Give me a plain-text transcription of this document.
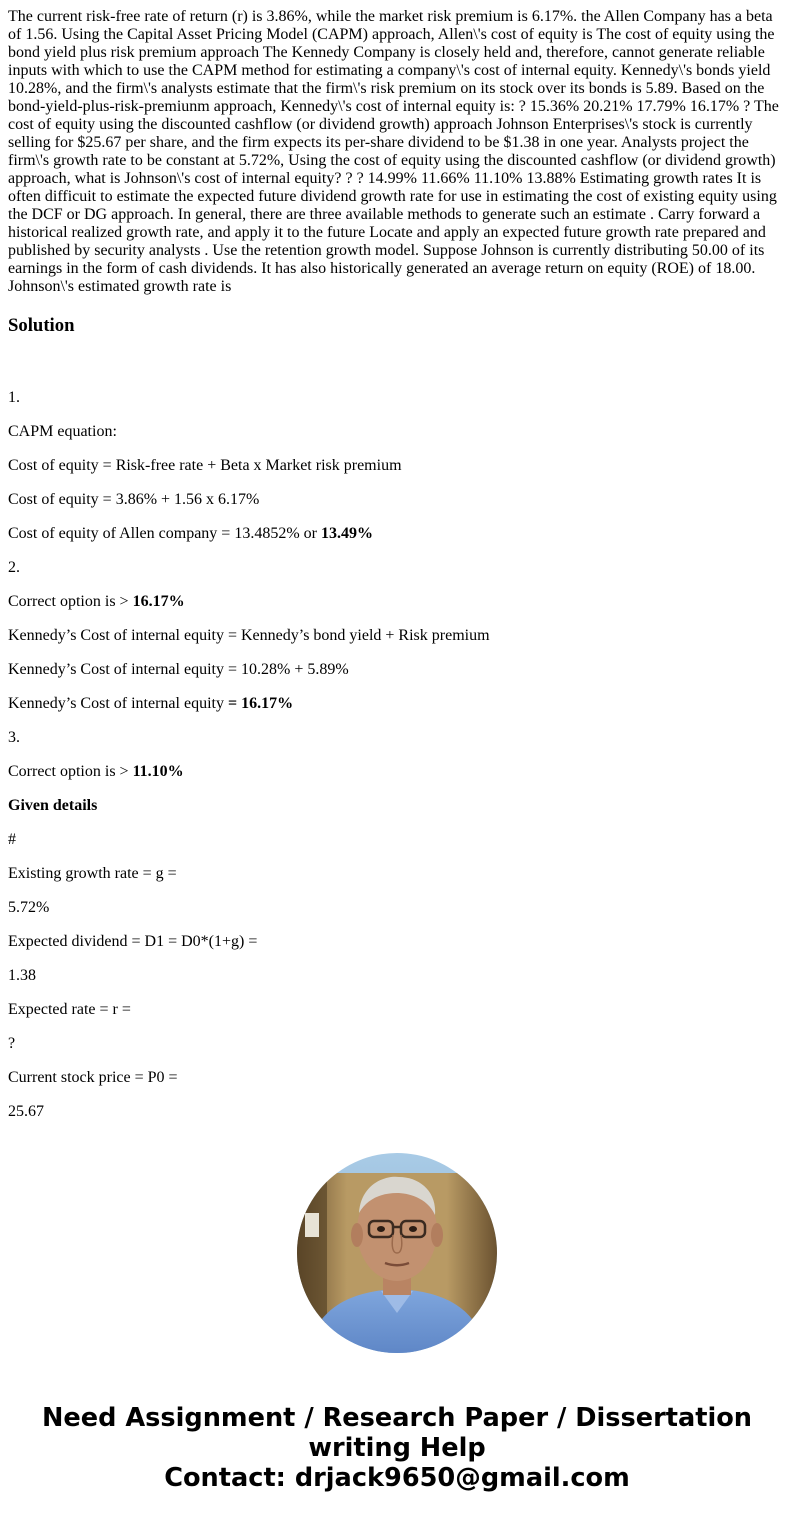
The current risk-free rate of return (r) is 3.86%, while the market risk premium is 6.17%. the Allen Company has a beta of 1.56. Using the Capital Asset Pricing Model (CAPM) approach, Allen\'s cost of equity is The cost of equity using the bond yield plus risk premium approach The Kennedy Company is closely held and, therefore, cannot generate reliable inputs with which to use the CAPM method for estimating a company\'s cost of internal equity. Kennedy\'s bonds yield 10.28%, and the firm\'s analysts estimate that the firm\'s risk premium on its stock over its bonds is 5.89. Based on the bond-yield-plus-risk-premiunm approach, Kennedy\'s cost of internal equity is: ? 15.36% 20.21% 17.79% 16.17% ? The cost of equity using the discounted cashflow (or dividend growth) approach Johnson Enterprises\'s stock is currently selling for $25.67 per share, and the firm expects its per-share dividend to be $1.38 in one year. Analysts project the firm\'s growth rate to be constant at 5.72%, Using the cost of equity using the discounted cashflow (or dividend growth) approach, what is Johnson\'s cost of internal equity? ? ? 14.99% 11.66% 11.10% 13.88% Estimating growth rates It is often difficuit to estimate the expected future dividend growth rate for use in estimating the cost of existing equity using the DCF or DG approach. In general, there are three available methods to generate such an estimate . Carry forward a historical realized growth rate, and apply it to the future Locate and apply an expected future growth rate prepared and published by security analysts . Use the retention growth model. Suppose Johnson is currently distributing 50.00 of its earnings in the form of cash dividends. It has also historically generated an average return on equity (ROE) of 18.00. Johnson\'s estimated growth rate is

Solution

1.

CAPM equation:

Cost of equity = Risk-free rate + Beta x Market risk premium

Cost of equity = 3.86% + 1.56 x 6.17%

Cost of equity of Allen company = 13.4852% or 13.49%

2.

Correct option is > 16.17%

Kennedy’s Cost of internal equity = Kennedy’s bond yield + Risk premium

Kennedy’s Cost of internal equity = 10.28% + 5.89%

Kennedy’s Cost of internal equity = 16.17%

3.

Correct option is > 11.10%

Given details

#

Existing growth rate = g =

5.72%

Expected dividend = D1 = D0*(1+g) =

1.38

Expected rate = r =

?

Current stock price = P0 =

25.67

Need Assignment / Research Paper / Dissertation
writing Help
Contact: drjack9650@gmail.com
